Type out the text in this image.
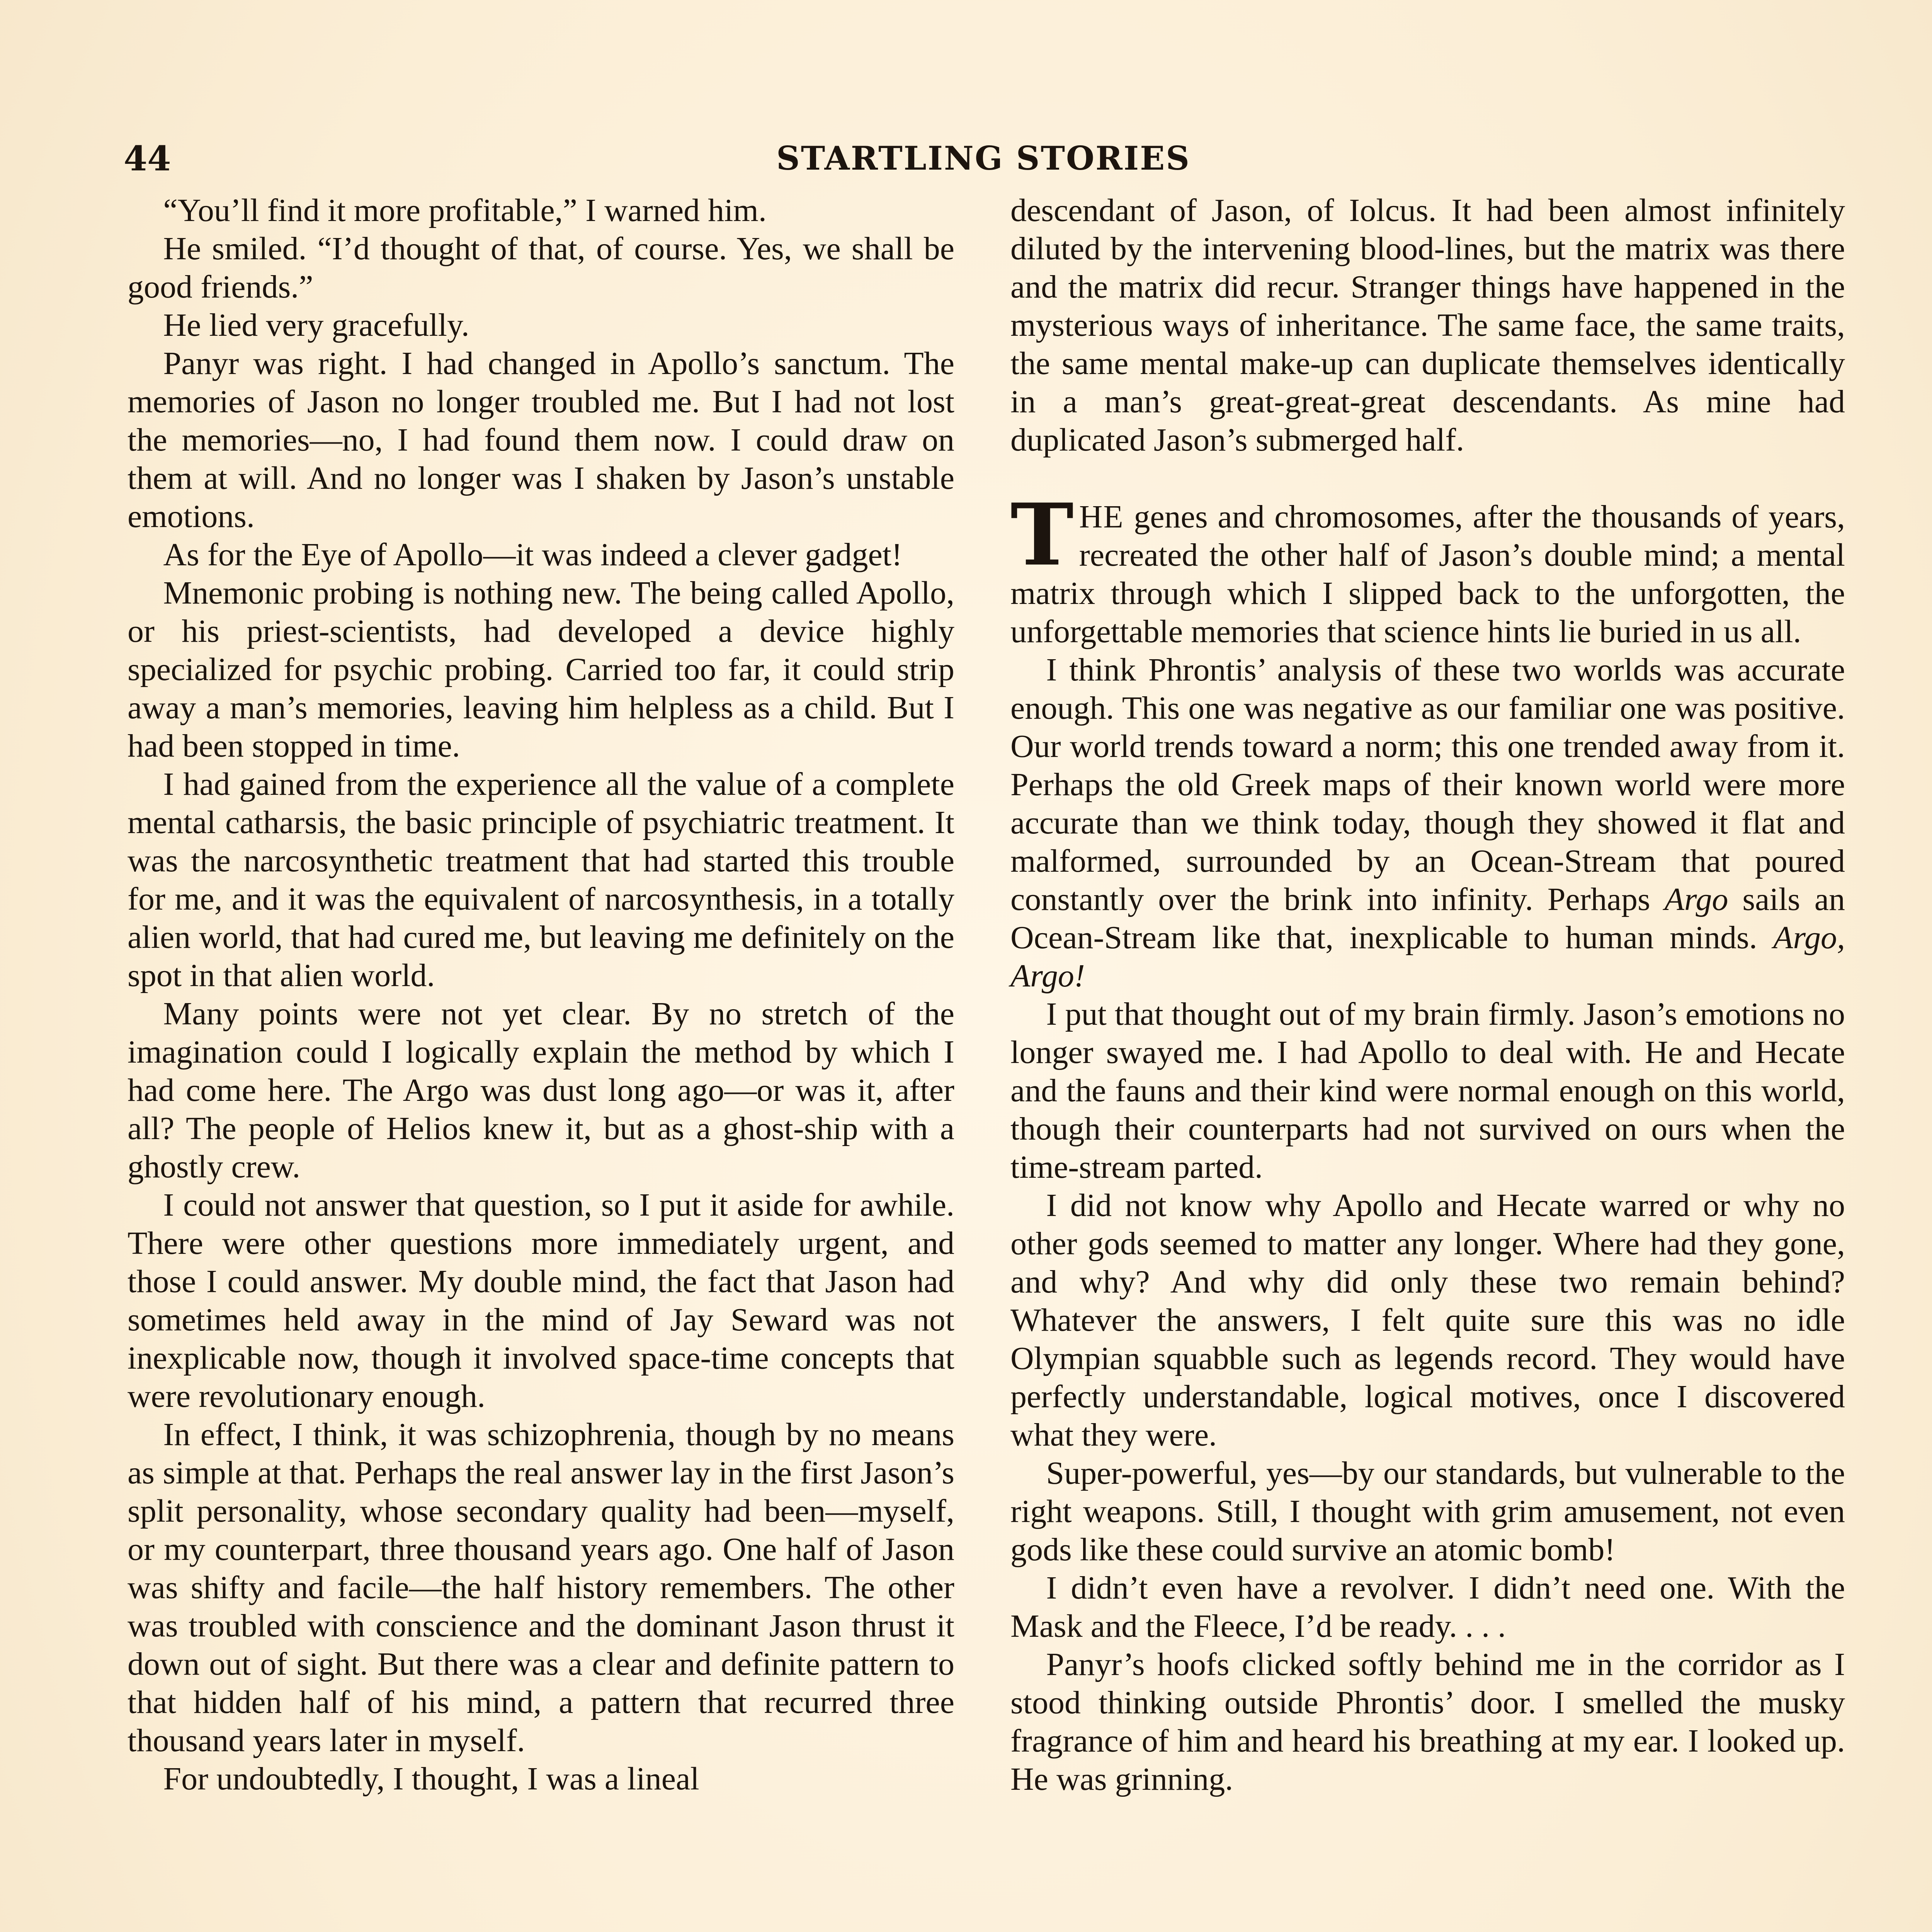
44	STARTLING STORIES

“You’ll find it more profitable,” I warned him.

He smiled. “I’d thought of that, of course. Yes, we shall be good friends.”

He lied very gracefully.

Panyr was right. I had changed in Apollo’s sanctum. The memories of Jason no longer troubled me. But I had not lost the memories—no, I had found them now. I could draw on them at will. And no longer was I shaken by Jason’s unstable emotions.

As for the Eye of Apollo—it was indeed a clever gadget!

Mnemonic probing is nothing new. The being called Apollo, or his priest-scientists, had developed a device highly specialized for psychic probing. Carried too far, it could strip away a man’s memories, leaving him helpless as a child. But I had been stopped in time.

I had gained from the experience all the value of a complete mental catharsis, the basic principle of psychiatric treatment. It was the narcosynthetic treatment that had started this trouble for me, and it was the equivalent of narcosynthesis, in a totally alien world, that had cured me, but leaving me definitely on the spot in that alien world.

Many points were not yet clear. By no stretch of the imagination could I logically explain the method by which I had come here. The Argo was dust long ago—or was it, after all? The people of Helios knew it, but as a ghost-ship with a ghostly crew.

I could not answer that question, so I put it aside for awhile. There were other questions more immediately urgent, and those I could answer. My double mind, the fact that Jason had sometimes held away in the mind of Jay Seward was not inexplicable now, though it involved space-time concepts that were revolutionary enough.

In effect, I think, it was schizophrenia, though by no means as simple at that. Perhaps the real answer lay in the first Jason’s split personality, whose secondary quality had been—myself, or my counterpart, three thousand years ago. One half of Jason was shifty and facile—the half history remembers. The other was troubled with conscience and the dominant Jason thrust it down out of sight. But there was a clear and definite pattern to that hidden half of his mind, a pattern that recurred three thousand years later in myself.

For undoubtedly, I thought, I was a lineal

descendant of Jason, of Iolcus. It had been almost infinitely diluted by the intervening blood-lines, but the matrix was there and the matrix did recur. Stranger things have happened in the mysterious ways of inheritance. The same face, the same traits, the same mental make-up can duplicate themselves identically in a man’s great-great-great descendants. As mine had duplicated Jason’s submerged half.

THE genes and chromosomes, after the thousands of years, recreated the other half of Jason’s double mind; a mental matrix through which I slipped back to the unforgotten, the unforgettable memories that science hints lie buried in us all.

I think Phrontis’ analysis of these two worlds was accurate enough. This one was negative as our familiar one was positive. Our world trends toward a norm; this one trended away from it. Perhaps the old Greek maps of their known world were more accurate than we think today, though they showed it flat and malformed, surrounded by an Ocean-Stream that poured constantly over the brink into infinity. Perhaps Argo sails an Ocean-Stream like that, inexplicable to human minds. Argo, Argo!

I put that thought out of my brain firmly. Jason’s emotions no longer swayed me. I had Apollo to deal with. He and Hecate and the fauns and their kind were normal enough on this world, though their counterparts had not survived on ours when the time-stream parted.

I did not know why Apollo and Hecate warred or why no other gods seemed to matter any longer. Where had they gone, and why? And why did only these two remain behind? Whatever the answers, I felt quite sure this was no idle Olympian squabble such as legends record. They would have perfectly understandable, logical motives, once I discovered what they were.

Super-powerful, yes—by our standards, but vulnerable to the right weapons. Still, I thought with grim amusement, not even gods like these could survive an atomic bomb!

I didn’t even have a revolver. I didn’t need one. With the Mask and the Fleece, I’d be ready. . . .

Panyr’s hoofs clicked softly behind me in the corridor as I stood thinking outside Phrontis’ door. I smelled the musky fragrance of him and heard his breathing at my ear. I looked up. He was grinning.
